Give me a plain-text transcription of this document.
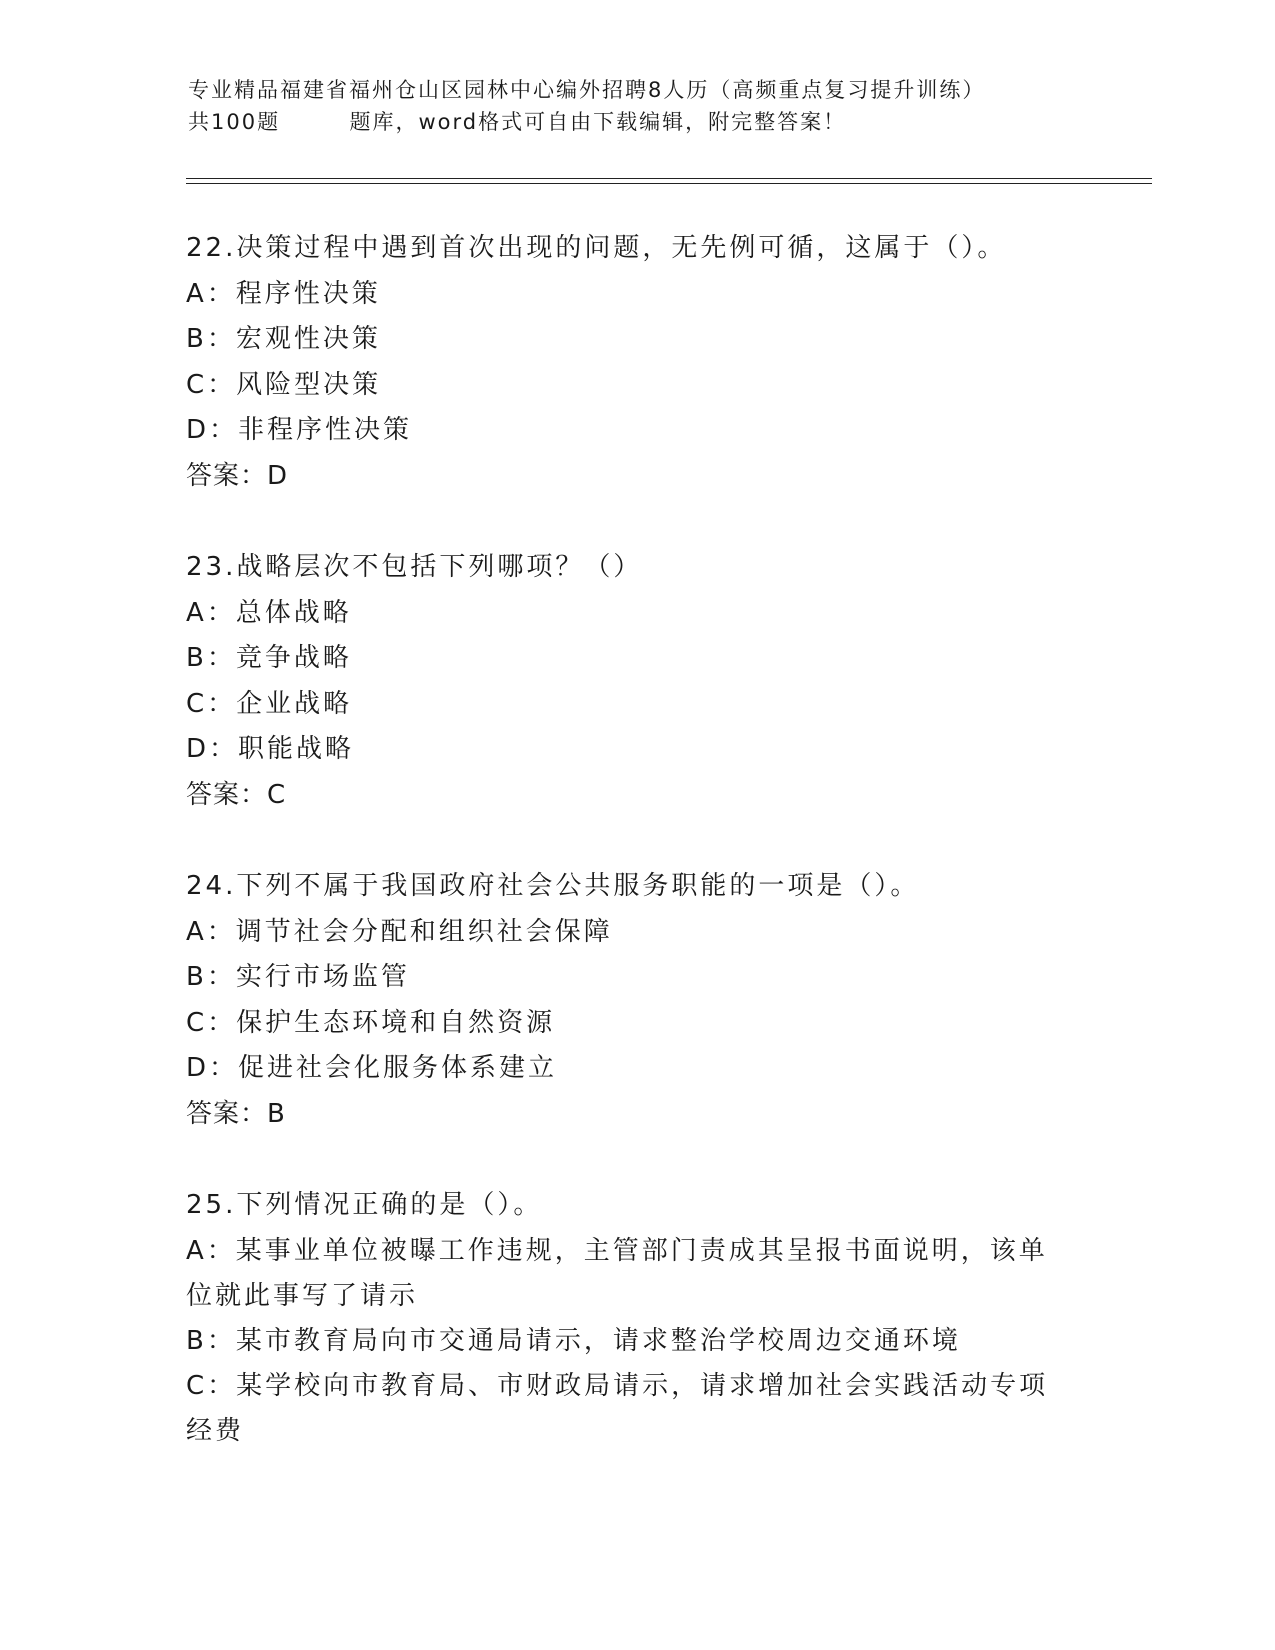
专业精品福建省福州仓山区园林中心编外招聘8人历（高频重点复习提升训练）
共100题        题库，word格式可自由下载编辑，附完整答案！
22.决策过程中遇到首次出现的问题，无先例可循，这属于（）。
A：程序性决策
B：宏观性决策
C：风险型决策
D：非程序性决策
答案：D
23.战略层次不包括下列哪项？（）
A：总体战略
B：竞争战略
C：企业战略
D：职能战略
答案：C
24.下列不属于我国政府社会公共服务职能的一项是（）。
A：调节社会分配和组织社会保障
B：实行市场监管
C：保护生态环境和自然资源
D：促进社会化服务体系建立
答案：B
25.下列情况正确的是（）。
A：某事业单位被曝工作违规，主管部门责成其呈报书面说明，该单位就此事写了请示
B：某市教育局向市交通局请示，请求整治学校周边交通环境
C：某学校向市教育局、市财政局请示，请求增加社会实践活动专项经费
